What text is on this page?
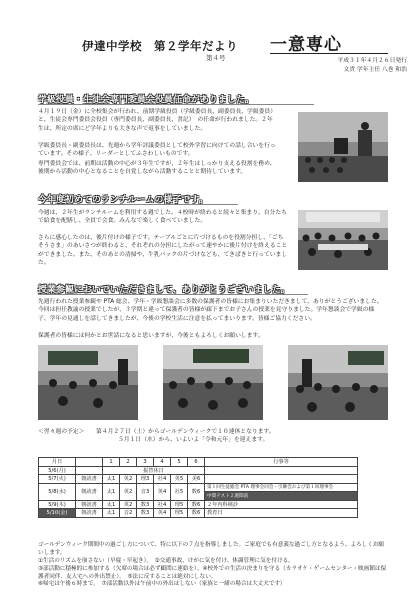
伊達中学校　第２学年だより
第４号
一意専心
平成３１年４月２６日発行
文責 学年主任 八巻 和浩
学級役員・生徒会専門委員会役員任命がありました。

４月１９日（金）に全校集会が行われ、前期学級役員（学級委員長、副委員長、学級委員）と、生徒会専門委員会役員（専門委員長、副委員長、書記）　の任命が行われました。２年生は、所定の席にど学年よりも大きな声で返事をしていました。

学級委員長・副委員長は、先週から学年評議委員として校外学習に向けての話し合いを行っています。その様子、リーダーとしてふさわしいものです。

専門委員会では、前期は活動の中心が３年生ですが、２年生はしっかり支える役割を務め、後期から活動の中心となることを自覚しながら活動することと期待しています。

今年度初めてのランチルームの様子です。

今週は、２年生がランチルームを利用する週でした。４校時が終わると続々と集まり、自分たちで給食を配膳し、全員で会食。みんなで楽しく食べていました。

さらに感心したのは、後片付けの様子です。テーブルごとに片づけるものを役割分担し、「ごちそうさま」のあいさつが終わると、それぞれの分担にしたがって速やかに後片付けを終えることができました。また、そのあとの清掃や、牛乳パックの片づけなども、てきぱきと行っていました。

授業参観においでいただきまして、ありがとうございました。

先週行われた授業参観や PTA 総会、学年・学級懇談会に多数の保護者の皆様にお集まりいただきまして、ありがとうございました。今回は担任教諭の授業でしたが、３学期と違って保護者の皆様が廊下までお子さんの授業を見守りました。学年懇談会で学級の様子、学年の見通しを話してきましたが、今後の学校生活に注意を払ってまいります。皆様ご協力ください。

保護者の皆様には何かとお世話になると思いますが、今後ともよろしくお願いします。

＜翌々週の予定＞　　第４月２７日（土）からゴールデンウィークで１０連休となります。
５月１日（水）から、いよいよ「令和元年」を迎えます。
月日		1	2	3	4	5	6	行事等
5/6(月)		振替休日						
5/7(火)	朝読書	太1	英2	理3	社4	英5	美6	
5/8(水)	朝読書	太1	英2	音3	英4	社5	数6	第１回生徒総会 PTA 理事会同会・引継会および第１回理事会
								中間テスト２週間前
5/9(木)	朝読書	太1	英2	数3	社4	理5	数6	２年内科検診
5/10(金)	朝読書	太1	音2	数3	英4	理5	数6	教育日
ゴールデンウィーク期間中の過ごし方について、特に以下の７点を指導しました。ご家庭でも有意義な過ごし方となるよう、よろしくお願いします。
①生活のリズムを崩さない（早寝・早起き）。　②交通事故、けがに気を付け、体調管理に気を付ける。
③部活動に積極的に参加する（欠席の場合は必ず顧問に連絡を）。④校外での生活の決まりを守る（カラオケ・ゲームセンター・映画館は保護者同伴、友人宅への外出禁止）。　⑤法に反することは絶対にしない。
⑥帰宅は午後６時まで。　⑦部活動以外は午前中の外出はしない（家族と一緒の場合は大丈夫です）
